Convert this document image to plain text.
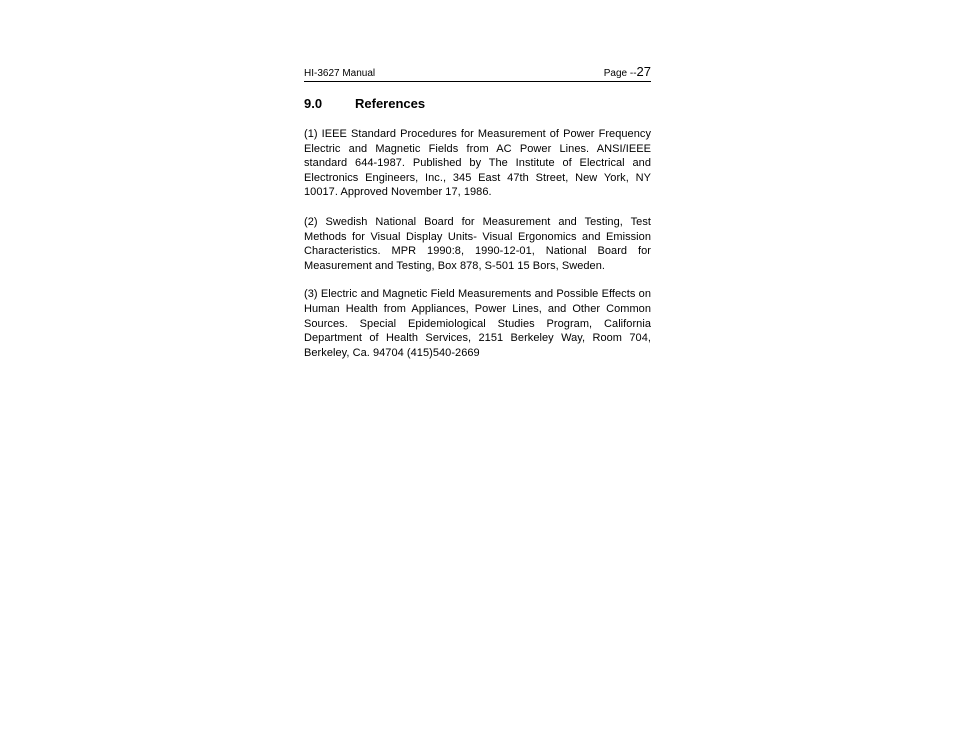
HI-3627 Manual	Page --27
9.0	References

(1) IEEE Standard Procedures for Measurement of Power Frequency Electric and Magnetic Fields from AC Power Lines. ANSI/IEEE standard 644-1987. Published by The Institute of Electrical and Electronics Engineers, Inc., 345 East 47th Street, New York, NY 10017. Approved November 17, 1986.

(2) Swedish National Board for Measurement and Testing, Test Methods for Visual Display Units- Visual Ergonomics and Emission Characteristics. MPR 1990:8, 1990-12-01, National Board for Measurement and Testing, Box 878, S-501 15 Bors, Sweden.

(3) Electric and Magnetic Field Measurements and Possible Effects on Human Health from Appliances, Power Lines, and Other Common Sources. Special Epidemiological Studies Program, California Department of Health Services, 2151 Berkeley Way, Room 704, Berkeley, Ca. 94704 (415)540-2669
